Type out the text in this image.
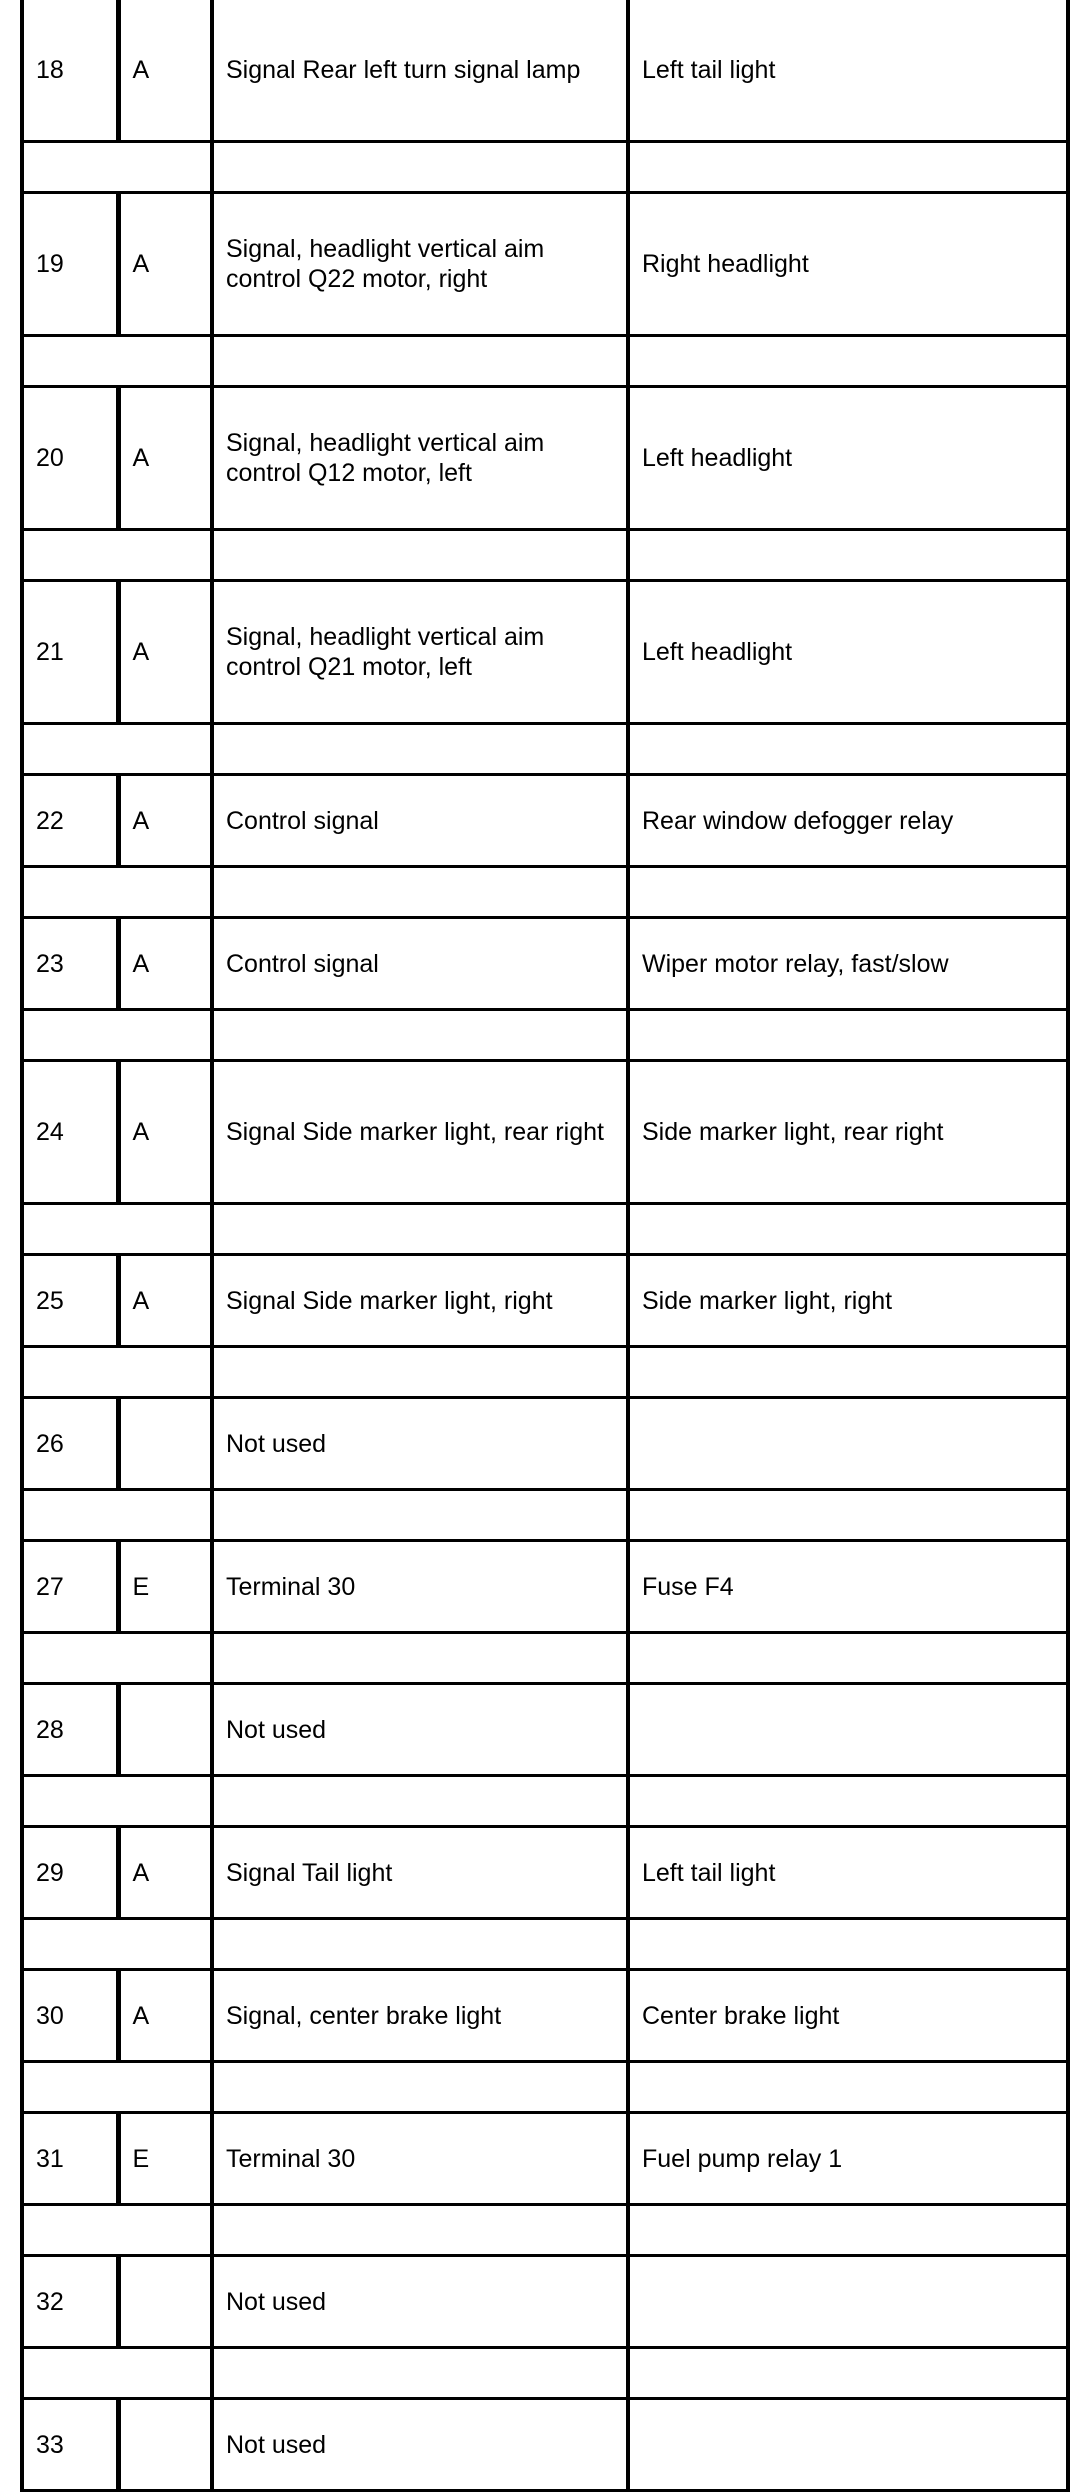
18	A	Signal Rear left turn signal lamp	Left tail light

19	A	Signal, headlight vertical aim control Q22 motor, right	Right headlight

20	A	Signal, headlight vertical aim control Q12 motor, left	Left headlight

21	A	Signal, headlight vertical aim control Q21 motor, left	Left headlight

22	A	Control signal	Rear window defogger relay

23	A	Control signal	Wiper motor relay, fast/slow

24	A	Signal Side marker light, rear right	Side marker light, rear right

25	A	Signal Side marker light, right	Side marker light, right

26		Not used	

27	E	Terminal 30	Fuse F4

28		Not used	

29	A	Signal Tail light	Left tail light

30	A	Signal, center brake light	Center brake light

31	E	Terminal 30	Fuel pump relay 1

32		Not used	

33		Not used	
